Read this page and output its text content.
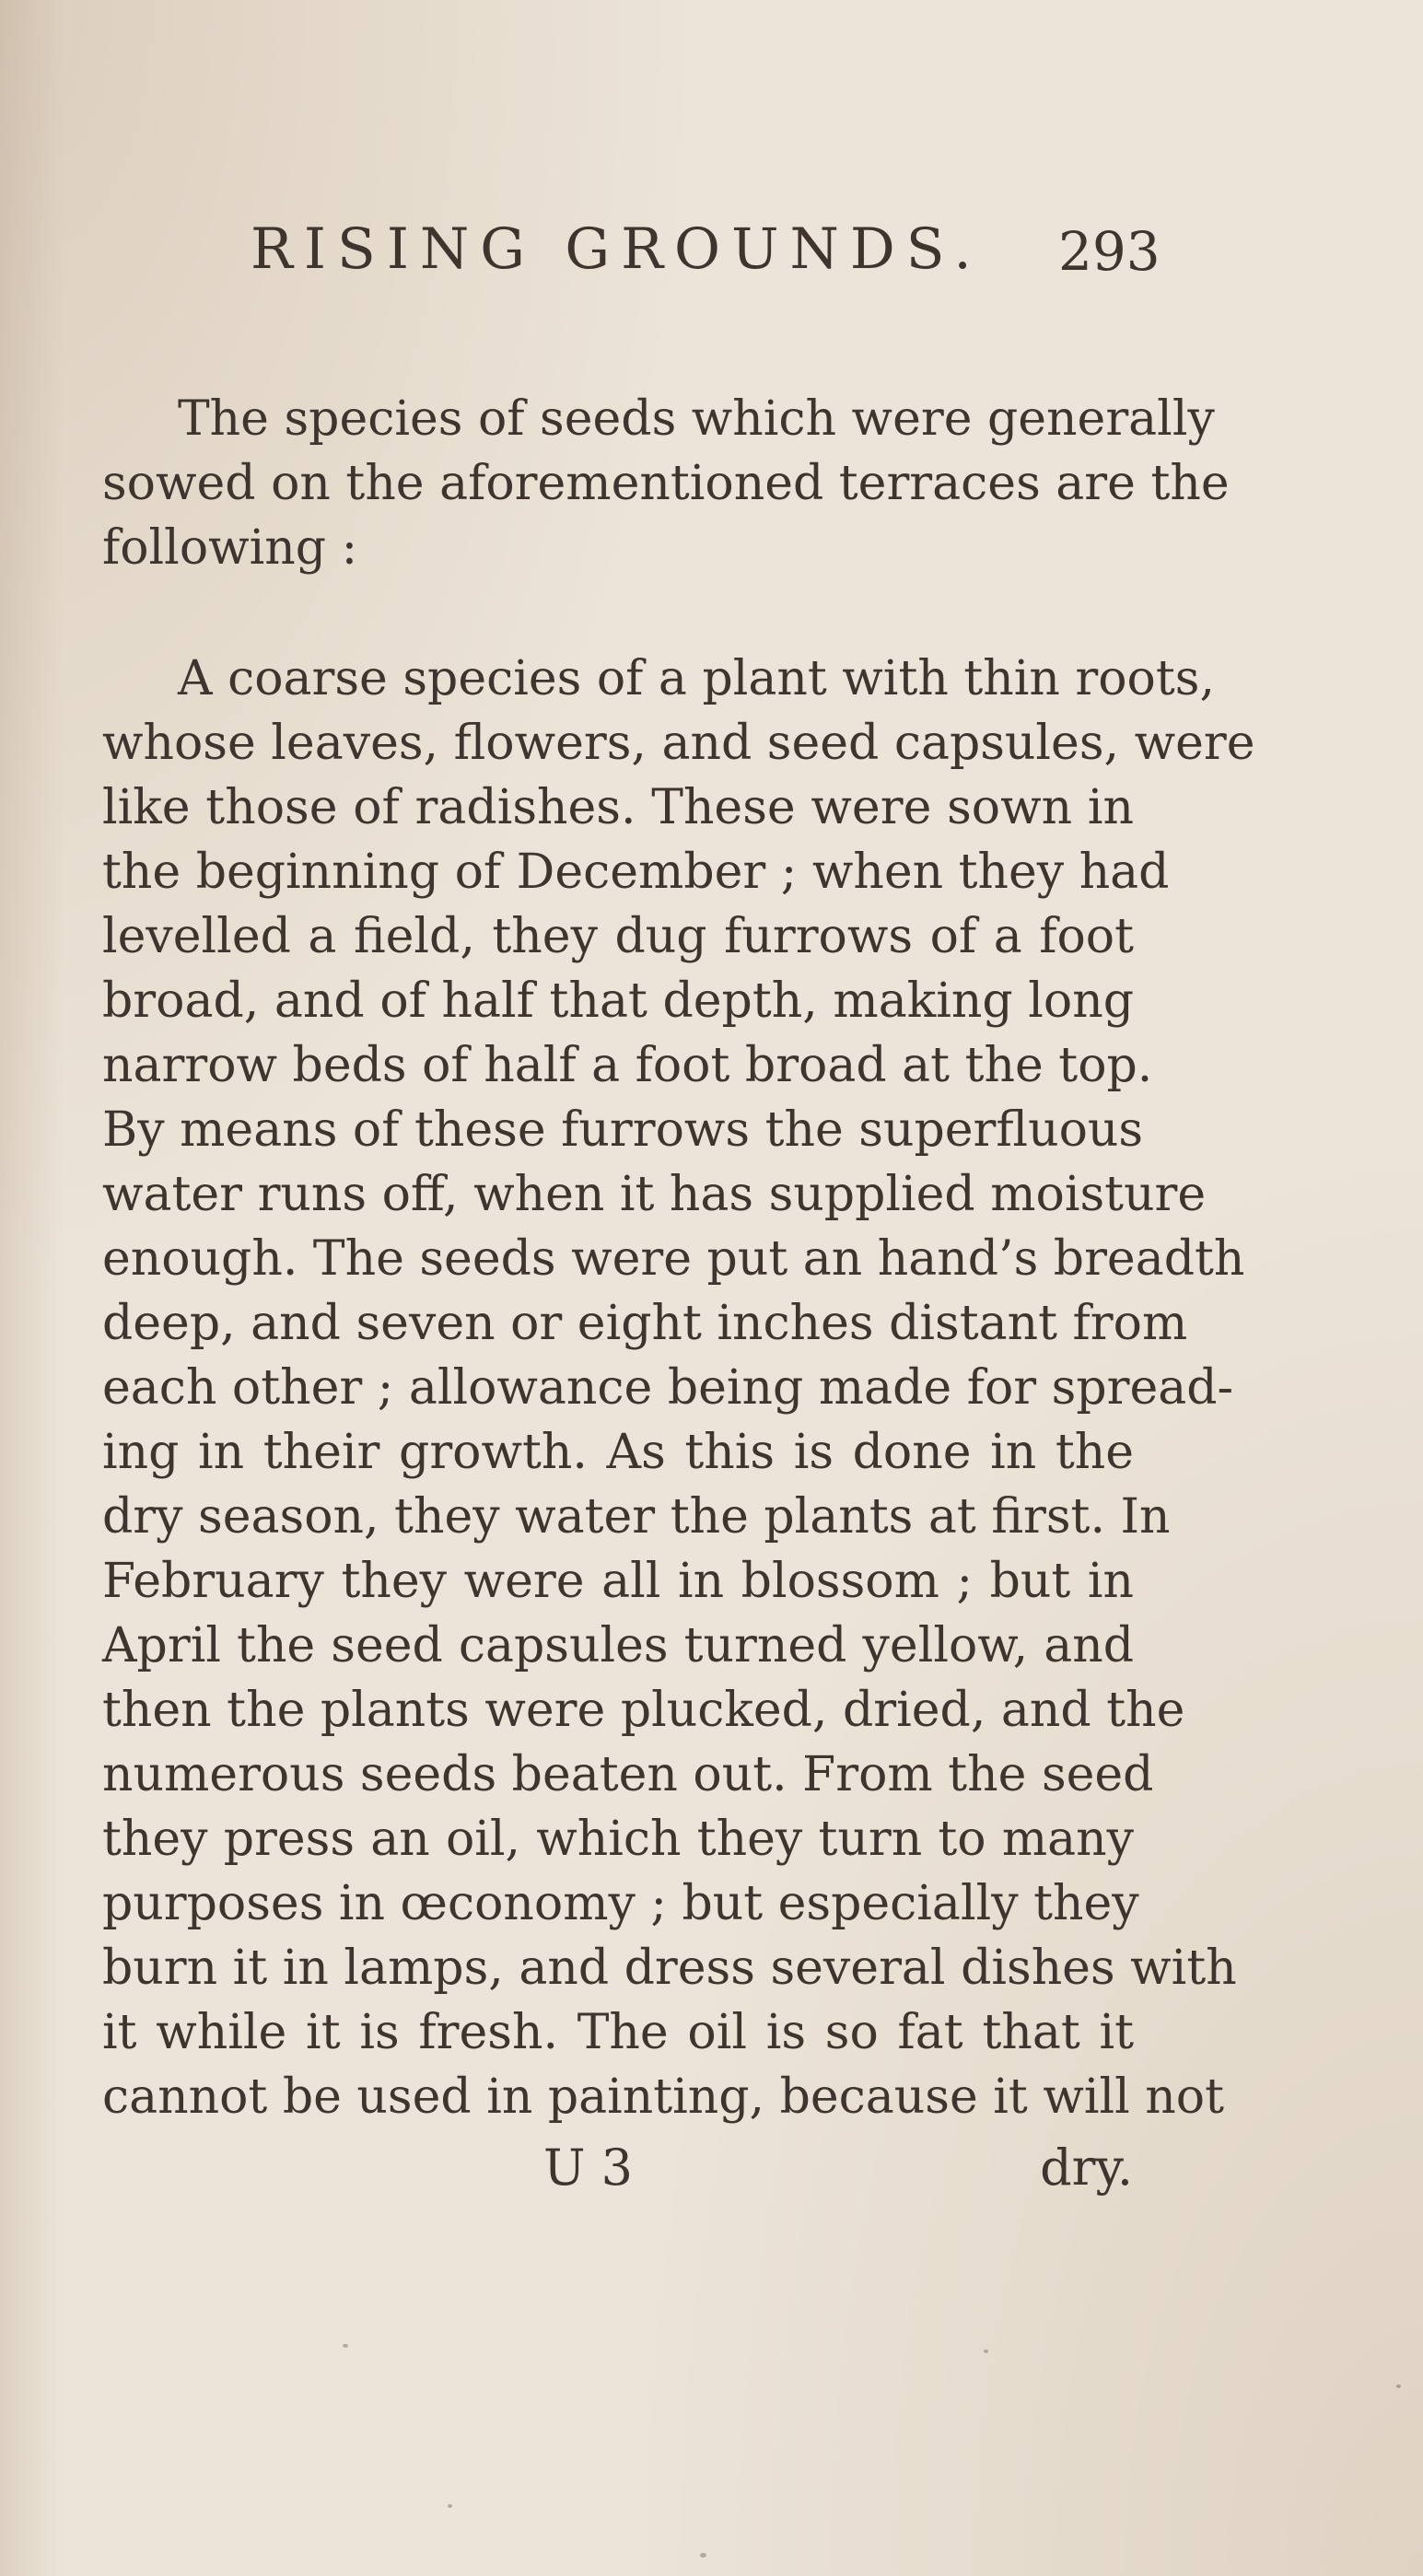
RISING GROUNDS. 293
The species of seeds which were generally
sowed on the aforementioned terraces are the
following :
A coarse species of a plant with thin roots,
whose leaves, flowers, and seed capsules, were
like those of radishes. These were sown in
the beginning of December ; when they had
levelled a field, they dug furrows of a foot
broad, and of half that depth, making long
narrow beds of half a foot broad at the top.
By means of these furrows the superfluous
water runs off, when it has supplied moisture
enough. The seeds were put an hand’s breadth
deep, and seven or eight inches distant from
each other ; allowance being made for spread-
ing in their growth. As this is done in the
dry season, they water the plants at first. In
February they were all in blossom ; but in
April the seed capsules turned yellow, and
then the plants were plucked, dried, and the
numerous seeds beaten out. From the seed
they press an oil, which they turn to many
purposes in œconomy ; but especially they
burn it in lamps, and dress several dishes with
it while it is fresh. The oil is so fat that it
cannot be used in painting, because it will not
U 3	dry.
